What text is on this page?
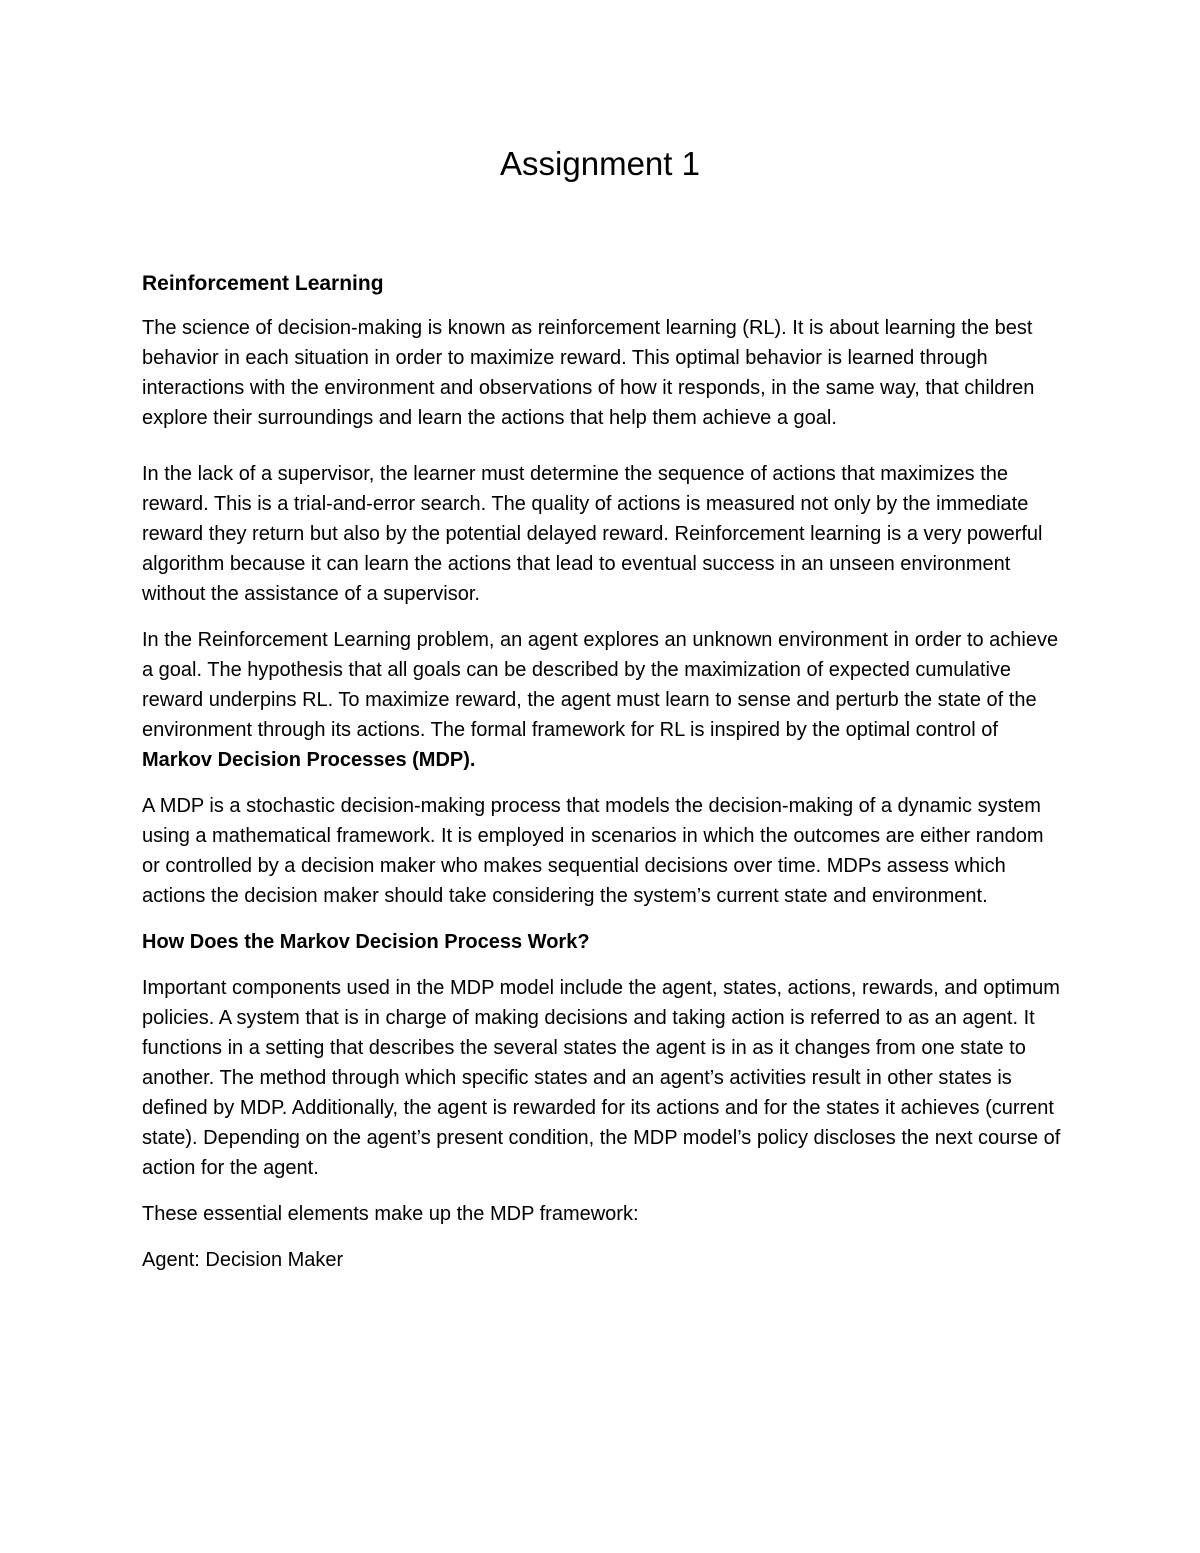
Assignment 1
Reinforcement Learning

The science of decision-making is known as reinforcement learning (RL). It is about learning the best behavior in each situation in order to maximize reward. This optimal behavior is learned through interactions with the environment and observations of how it responds, in the same way, that children explore their surroundings and learn the actions that help them achieve a goal.

In the lack of a supervisor, the learner must determine the sequence of actions that maximizes the reward. This is a trial-and-error search. The quality of actions is measured not only by the immediate reward they return but also by the potential delayed reward. Reinforcement learning is a very powerful algorithm because it can learn the actions that lead to eventual success in an unseen environment without the assistance of a supervisor.

In the Reinforcement Learning problem, an agent explores an unknown environment in order to achieve a goal. The hypothesis that all goals can be described by the maximization of expected cumulative reward underpins RL. To maximize reward, the agent must learn to sense and perturb the state of the environment through its actions. The formal framework for RL is inspired by the optimal control of Markov Decision Processes (MDP).

A MDP is a stochastic decision-making process that models the decision-making of a dynamic system using a mathematical framework. It is employed in scenarios in which the outcomes are either random or controlled by a decision maker who makes sequential decisions over time. MDPs assess which actions the decision maker should take considering the system’s current state and environment.

How Does the Markov Decision Process Work?

Important components used in the MDP model include the agent, states, actions, rewards, and optimum policies. A system that is in charge of making decisions and taking action is referred to as an agent. It functions in a setting that describes the several states the agent is in as it changes from one state to another. The method through which specific states and an agent’s activities result in other states is defined by MDP. Additionally, the agent is rewarded for its actions and for the states it achieves (current state). Depending on the agent’s present condition, the MDP model’s policy discloses the next course of action for the agent.

These essential elements make up the MDP framework:

Agent: Decision Maker
